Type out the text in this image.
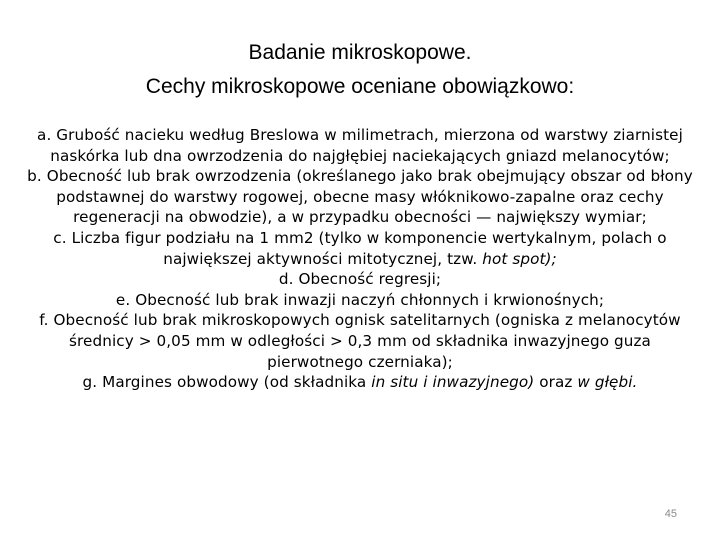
Badanie mikroskopowe.
Cechy mikroskopowe oceniane obowiązkowo:

a. Grubość nacieku według Breslowa w milimetrach, mierzona od warstwy ziarnistej naskórka lub dna owrzodzenia do najgłębiej naciekających gniazd melanocytów;

b. Obecność lub brak owrzodzenia (określanego jako brak obejmujący obszar od błony podstawnej do warstwy rogowej, obecne masy włóknikowo-zapalne oraz cechy regeneracji na obwodzie), a w przypadku obecności — największy wymiar;

c. Liczba figur podziału na 1 mm2 (tylko w komponencie wertykalnym, polach o największej aktywności mitotycznej, tzw. hot spot);

d. Obecność regresji;

e. Obecność lub brak inwazji naczyń chłonnych i krwionośnych;

f. Obecność lub brak mikroskopowych ognisk satelitarnych (ogniska z melanocytów średnicy > 0,05 mm w odległości > 0,3 mm od składnika inwazyjnego guza pierwotnego czerniaka);

g. Margines obwodowy (od składnika in situ i inwazyjnego) oraz w głębi.

45
